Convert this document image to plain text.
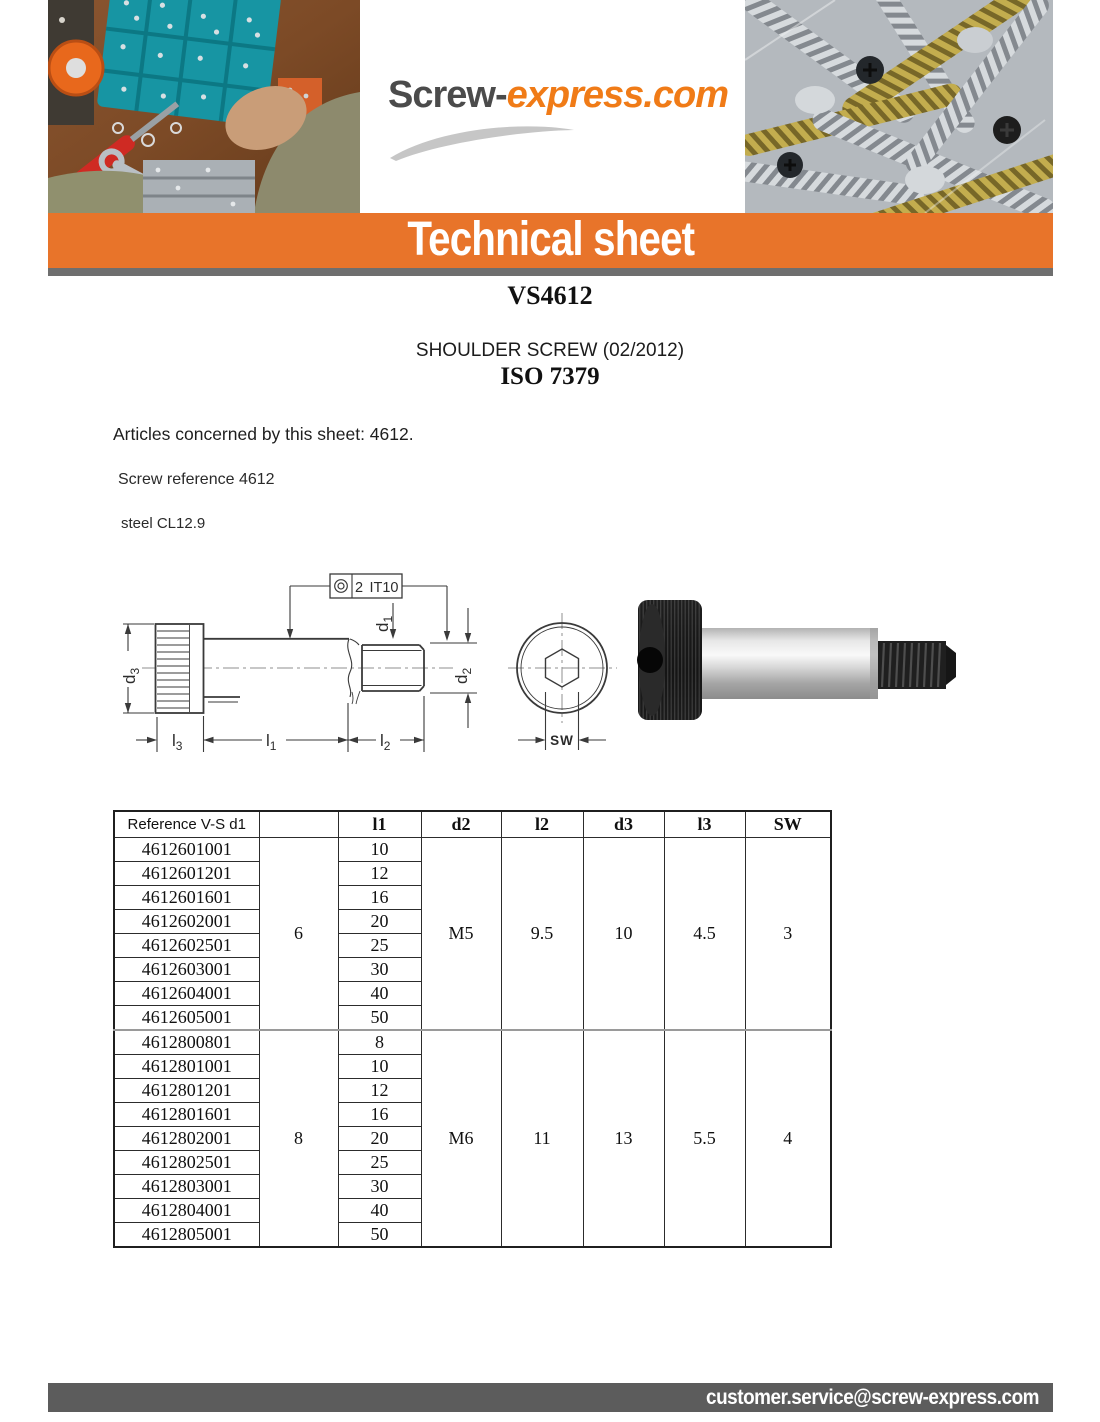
Screw-express.com
Technical sheet
VS4612
SHOULDER SCREW (02/2012)
ISO 7379
Articles concerned by this sheet: 4612.
Screw reference 4612
steel CL12.9
2 IT10
$d_3$
$l_3$	$l_1$	$l_2$
$d_1$
$d_2$
SW
Reference V-S d1		l1	d2	l2	d3	l3	SW
4612601001	6	10	M5	9.5	10	4.5	3
4612601201		12					
4612601601		16					
4612602001		20					
4612602501		25					
4612603001		30					
4612604001		40					
4612605001		50					
4612800801	8	8	M6	11	13	5.5	4
4612801001		10					
4612801201		12					
4612801601		16					
4612802001		20					
4612802501		25					
4612803001		30					
4612804001		40					
4612805001		50					
customer.service@screw-express.com
